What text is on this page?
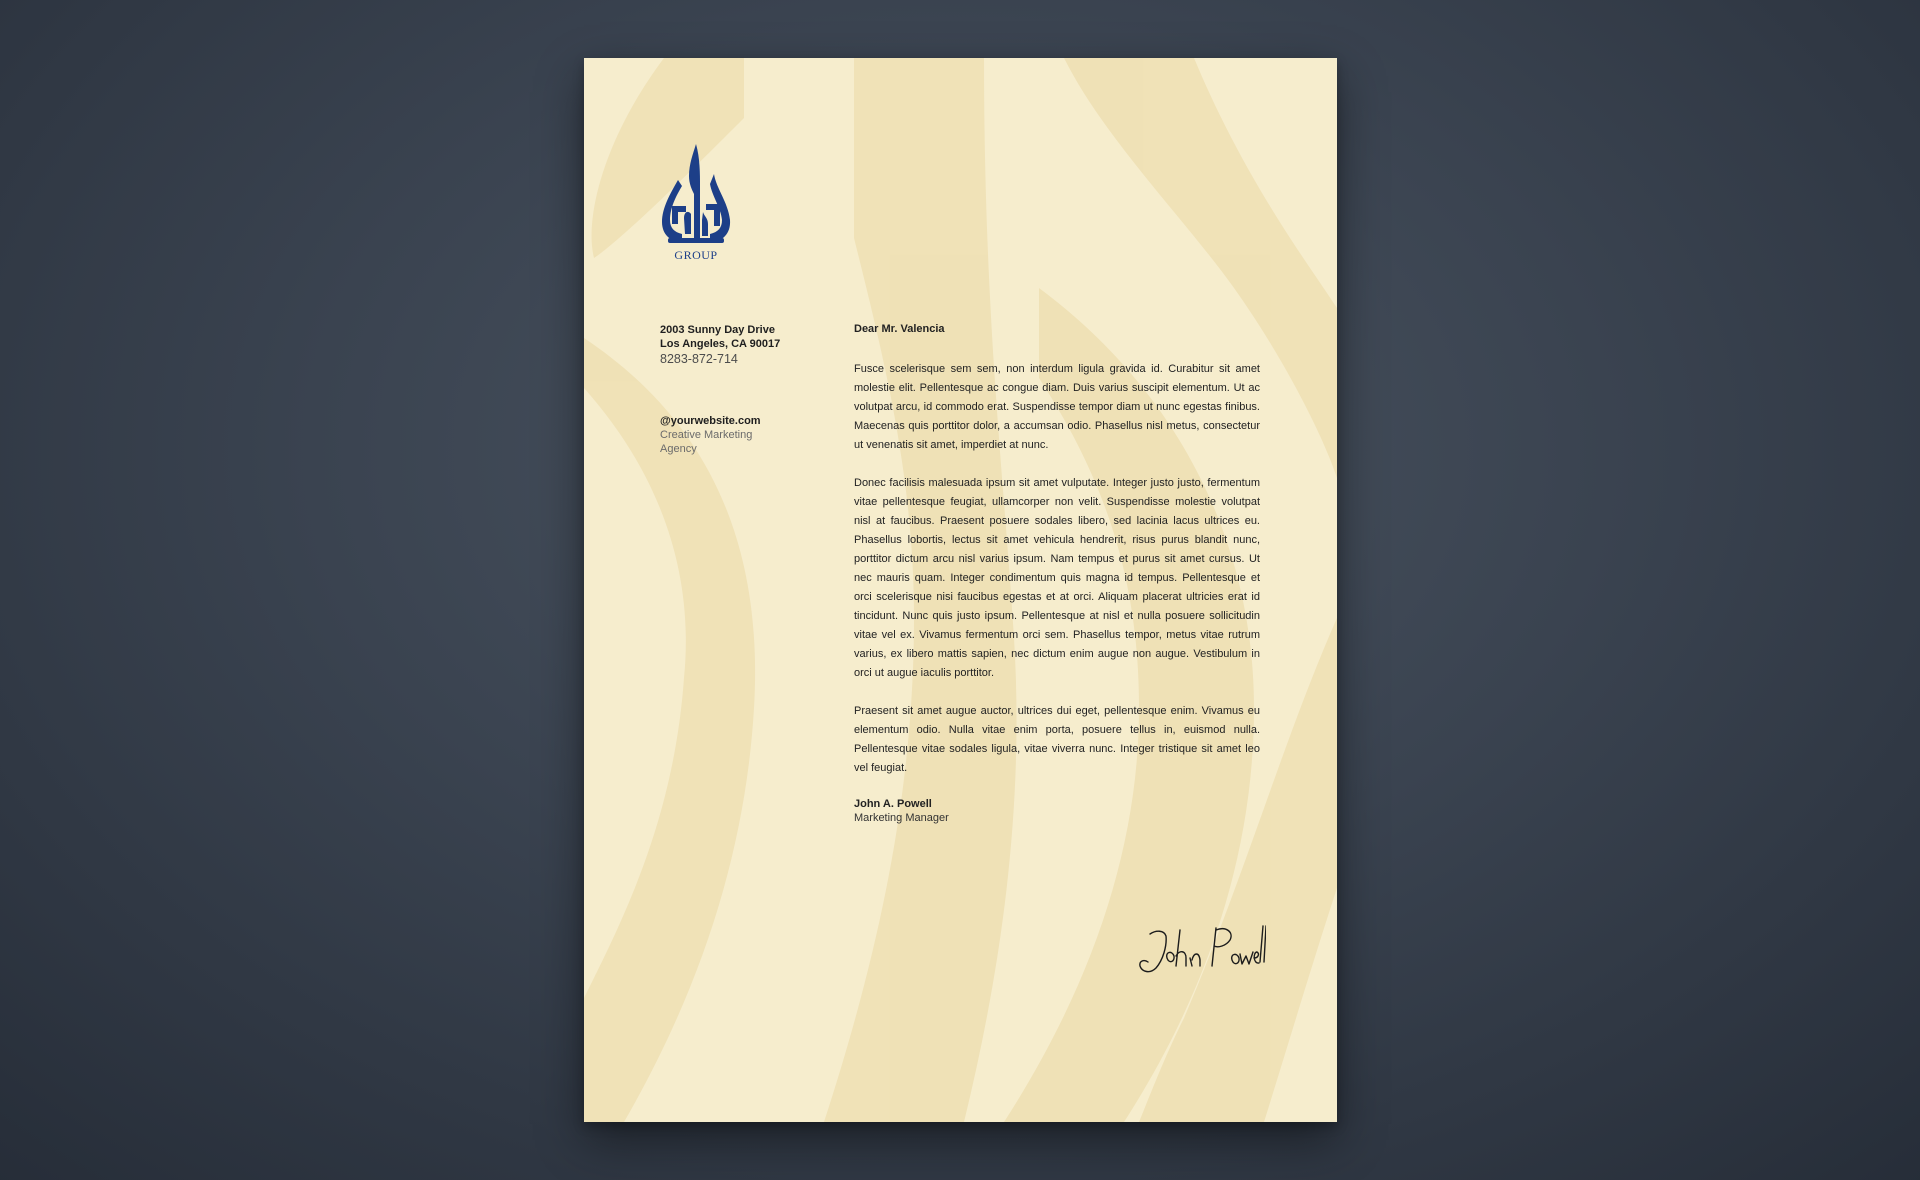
GROUP
2003 Sunny Day Drive
Los Angeles, CA 90017
8283-872-714
@yourwebsite.com
Creative Marketing
Agency

Dear Mr. Valencia

Fusce scelerisque sem sem, non interdum ligula gravida id. Curabitur sit amet molestie elit. Pellentesque ac congue diam. Duis varius suscipit elementum. Ut ac volutpat arcu, id commodo erat. Suspendisse tempor diam ut nunc egestas finibus. Maecenas quis porttitor dolor, a accumsan odio. Phasellus nisl metus, consectetur ut venenatis sit amet, imperdiet at nunc.

Donec facilisis malesuada ipsum sit amet vulputate. Integer justo justo, fermentum vitae pellentesque feugiat, ullamcorper non velit. Suspendisse molestie volutpat nisl at faucibus. Praesent posuere sodales libero, sed lacinia lacus ultrices eu. Phasellus lobortis, lectus sit amet vehicula hendrerit, risus purus blandit nunc, porttitor dictum arcu nisl varius ipsum. Nam tempus et purus sit amet cursus. Ut nec mauris quam. Integer condimentum quis magna id tempus. Pellentesque et orci scelerisque nisi faucibus egestas et at orci. Aliquam placerat ultricies erat id tincidunt. Nunc quis justo ipsum. Pellentesque at nisl et nulla posuere sollicitudin vitae vel ex. Vivamus fermentum orci sem. Phasellus tempor, metus vitae rutrum varius, ex libero mattis sapien, nec dictum enim augue non augue. Vestibulum in orci ut augue iaculis porttitor.

Praesent sit amet augue auctor, ultrices dui eget, pellentesque enim. Vivamus eu elementum odio. Nulla vitae enim porta, posuere tellus in, euismod nulla. Pellentesque vitae sodales ligula, vitae viverra nunc. Integer tristique sit amet leo vel feugiat.

John A. Powell
Marketing Manager
